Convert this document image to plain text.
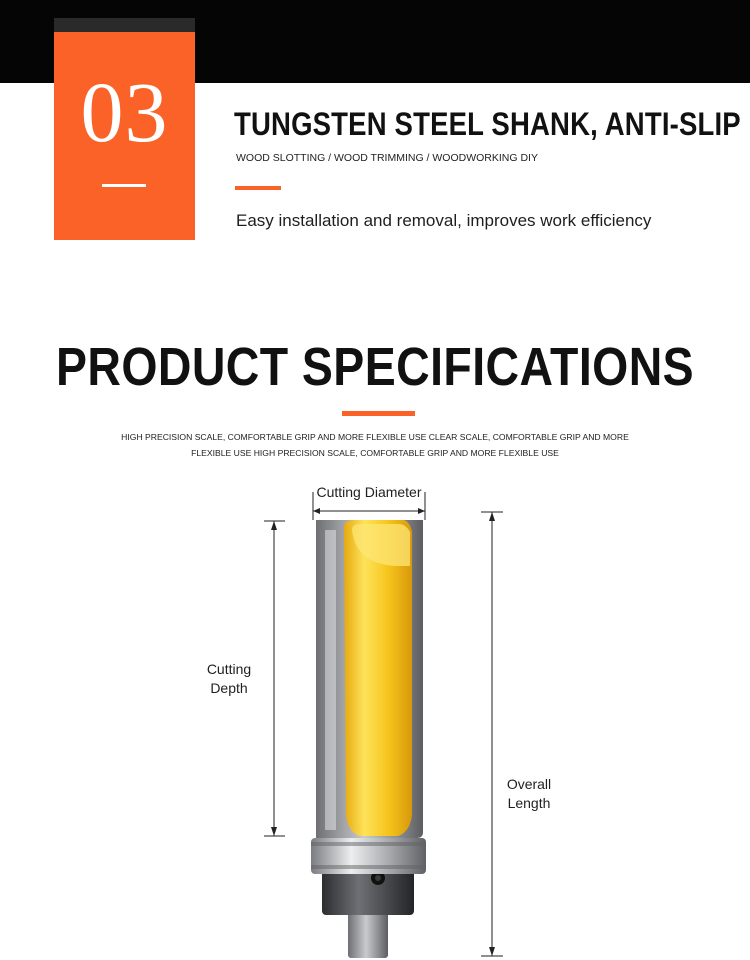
03	TUNGSTEN STEEL SHANK, ANTI-SLIP
WOOD SLOTTING / WOOD TRIMMING / WOODWORKING DIY
Easy installation and removal, improves work efficiency
PRODUCT SPECIFICATIONS
HIGH PRECISION SCALE, COMFORTABLE GRIP AND MORE FLEXIBLE USE CLEAR SCALE, COMFORTABLE GRIP AND MORE
FLEXIBLE USE HIGH PRECISION SCALE, COMFORTABLE GRIP AND MORE FLEXIBLE USE
Cutting Diameter
Cutting
Depth
Overall
Length
